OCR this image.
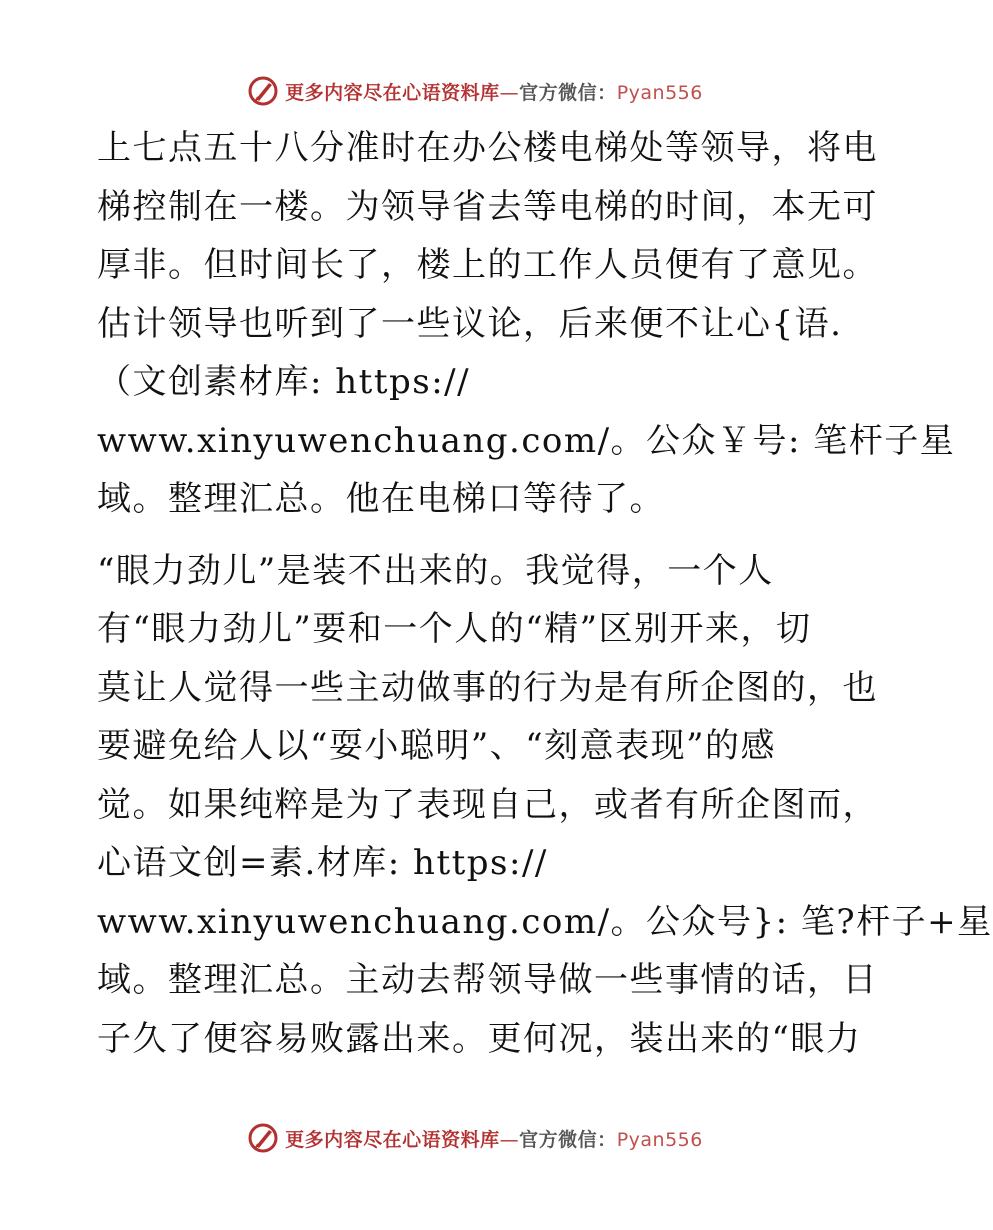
更多内容尽在心语资料库—官方微信：Pyan556
上七点五十八分准时在办公楼电梯处等领导，将电
梯控制在一楼。为领导省去等电梯的时间，本无可
厚非。但时间长了，楼上的工作人员便有了意见。
估计领导也听到了一些议论，后来便不让心{语.
（文创素材库: https://
www.xinyuwenchuang.com/。公众￥号: 笔杆子星
域。整理汇总。他在电梯口等待了。
“眼力劲儿”是装不出来的。我觉得，一个人
有“眼力劲儿”要和一个人的“精”区别开来，切
莫让人觉得一些主动做事的行为是有所企图的，也
要避免给人以“耍小聪明”、“刻意表现”的感
觉。如果纯粹是为了表现自己，或者有所企图而，
心语文创=素.材库: https://
www.xinyuwenchuang.com/。公众号}: 笔?杆子+星
域。整理汇总。主动去帮领导做一些事情的话，日
子久了便容易败露出来。更何况，装出来的“眼力
更多内容尽在心语资料库—官方微信：Pyan556
